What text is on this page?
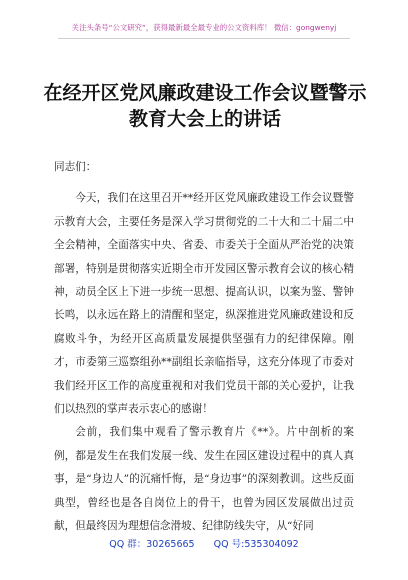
关注头条号“公文研究”，获得最新最全最专业的公文资料库！ 微信：gongwenyj
在经开区党风廉政建设工作会议暨警示教育大会上的讲话

同志们：

今天，我们在这里召开**经开区党风廉政建设工作会议暨警示教育大会，主要任务是深入学习贯彻党的二十大和二十届二中全会精神，全面落实中央、省委、市委关于全面从严治党的决策部署，特别是贯彻落实近期全市开发园区警示教育会议的核心精神，动员全区上下进一步统一思想、提高认识，以案为鉴、警钟长鸣，以永远在路上的清醒和坚定，纵深推进党风廉政建设和反腐败斗争，为经开区高质量发展提供坚强有力的纪律保障。刚才，市委第三巡察组孙**副组长亲临指导，这充分体现了市委对我们经开区工作的高度重视和对我们党员干部的关心爱护，让我们以热烈的掌声表示衷心的感谢！

会前，我们集中观看了警示教育片《**》。片中剖析的案例，都是发生在我们发展一线、发生在园区建设过程中的真人真事，是“身边人”的沉痛忏悔，是“身边事”的深刻教训。这些反面典型，曾经也是各自岗位上的骨干，也曾为园区发展做出过贡献，但最终因为理想信念滑坡、纪律防线失守，从“好同

QQ 群：30265665 QQ 号:535304092
